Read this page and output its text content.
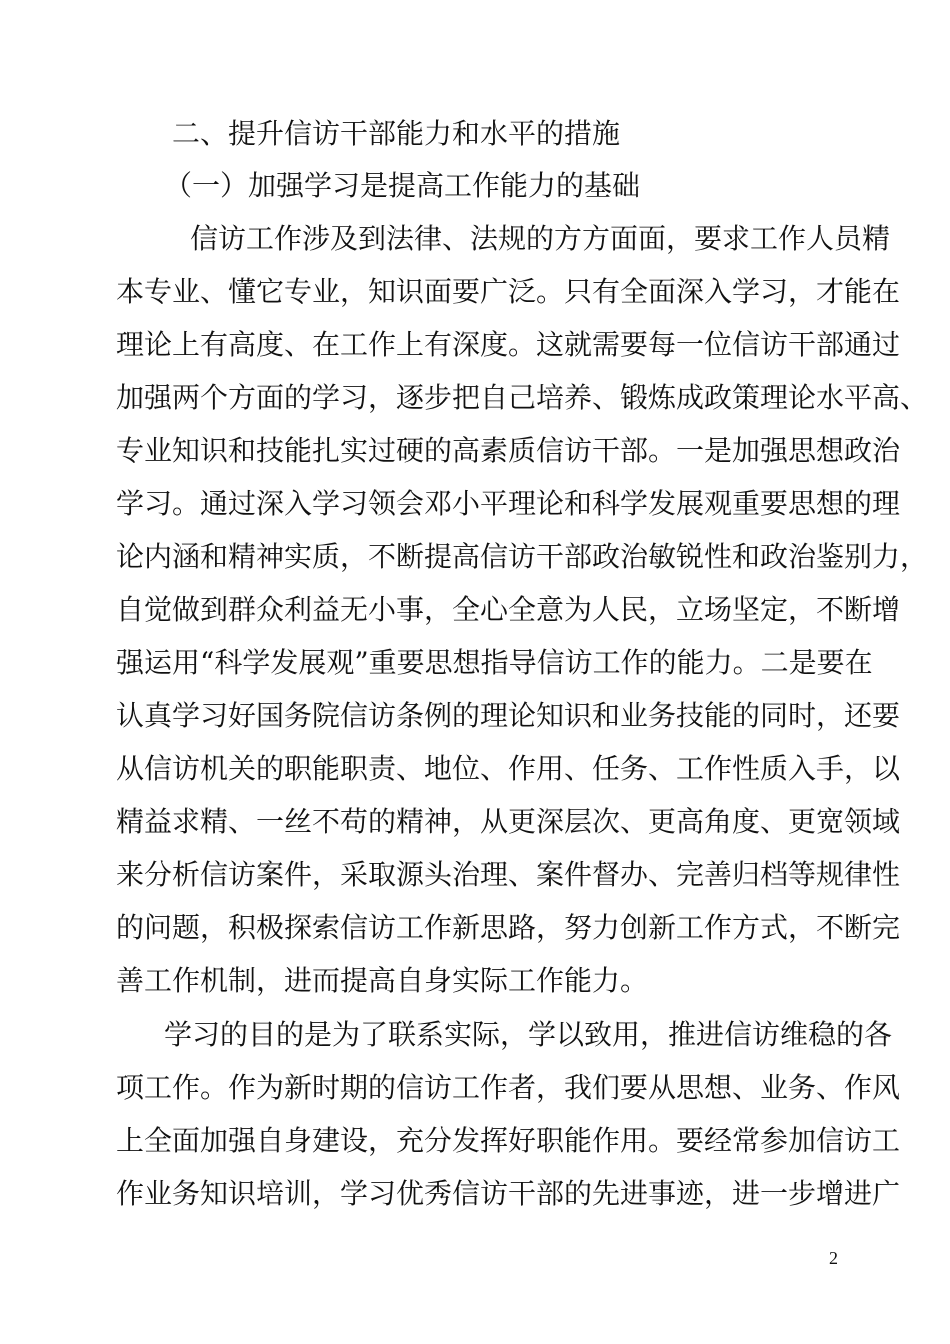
二、提升信访干部能力和水平的措施
（一）加强学习是提高工作能力的基础
信访工作涉及到法律、法规的方方面面，要求工作人员精
本专业、懂它专业，知识面要广泛。只有全面深入学习，才能在
理论上有高度、在工作上有深度。这就需要每一位信访干部通过
加强两个方面的学习，逐步把自己培养、锻炼成政策理论水平高、
专业知识和技能扎实过硬的高素质信访干部。一是加强思想政治
学习。通过深入学习领会邓小平理论和科学发展观重要思想的理
论内涵和精神实质，不断提高信访干部政治敏锐性和政治鉴别力，
自觉做到群众利益无小事，全心全意为人民，立场坚定，不断增
强运用“科学发展观”重要思想指导信访工作的能力。二是要在
认真学习好国务院信访条例的理论知识和业务技能的同时，还要
从信访机关的职能职责、地位、作用、任务、工作性质入手，以
精益求精、一丝不苟的精神，从更深层次、更高角度、更宽领域
来分析信访案件，采取源头治理、案件督办、完善归档等规律性
的问题，积极探索信访工作新思路，努力创新工作方式，不断完
善工作机制，进而提高自身实际工作能力。
学习的目的是为了联系实际，学以致用，推进信访维稳的各
项工作。作为新时期的信访工作者，我们要从思想、业务、作风
上全面加强自身建设，充分发挥好职能作用。要经常参加信访工
作业务知识培训，学习优秀信访干部的先进事迹，进一步增进广
2
